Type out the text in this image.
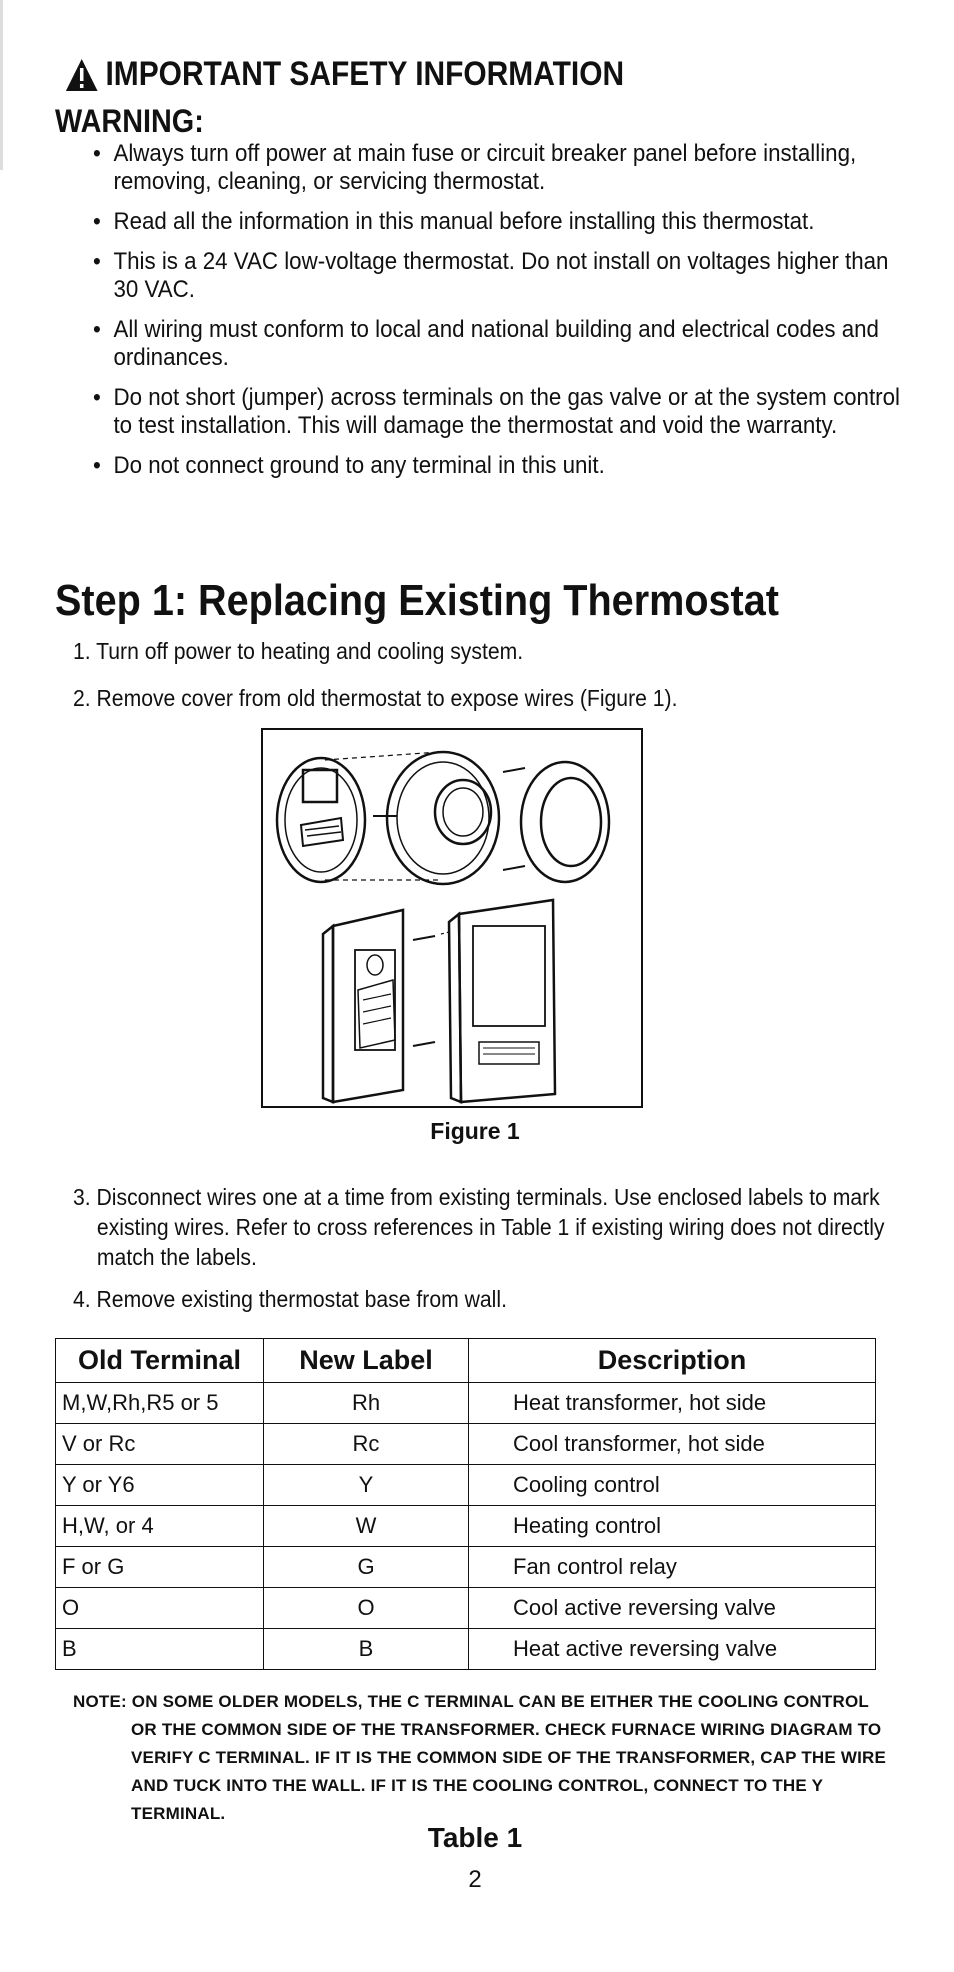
IMPORTANT SAFETY INFORMATION
WARNING:
• Always turn off power at main fuse or circuit breaker panel before installing, removing, cleaning, or servicing thermostat.
• Read all the information in this manual before installing this thermostat.
• This is a 24 VAC low-voltage thermostat. Do not install on voltages higher than 30 VAC.
• All wiring must conform to local and national building and electrical codes and ordinances.
• Do not short (jumper) across terminals on the gas valve or at the system control to test installation. This will damage the thermostat and void the warranty.
• Do not connect ground to any terminal in this unit.
Step 1: Replacing Existing Thermostat
1. Turn off power to heating and cooling system.
2. Remove cover from old thermostat to expose wires (Figure 1).
Figure 1
3. Disconnect wires one at a time from existing terminals. Use enclosed labels to mark existing wires. Refer to cross references in Table 1 if existing wiring does not directly match the labels.
4. Remove existing thermostat base from wall.
Old Terminal	New Label	Description
M,W,Rh,R5 or 5	Rh	Heat transformer, hot side
V or Rc	Rc	Cool transformer, hot side
Y or Y6	Y	Cooling control
H,W, or 4	W	Heating control
F or G	G	Fan control relay
O	O	Cool active reversing valve
B	B	Heat active reversing valve
NOTE: ON SOME OLDER MODELS, THE C TERMINAL CAN BE EITHER THE COOLING CONTROL OR THE COMMON SIDE OF THE TRANSFORMER. CHECK FURNACE WIRING DIAGRAM TO VERIFY C TERMINAL. IF IT IS THE COMMON SIDE OF THE TRANSFORMER, CAP THE WIRE AND TUCK INTO THE WALL. IF IT IS THE COOLING CONTROL, CONNECT TO THE Y TERMINAL.
Table 1
2
